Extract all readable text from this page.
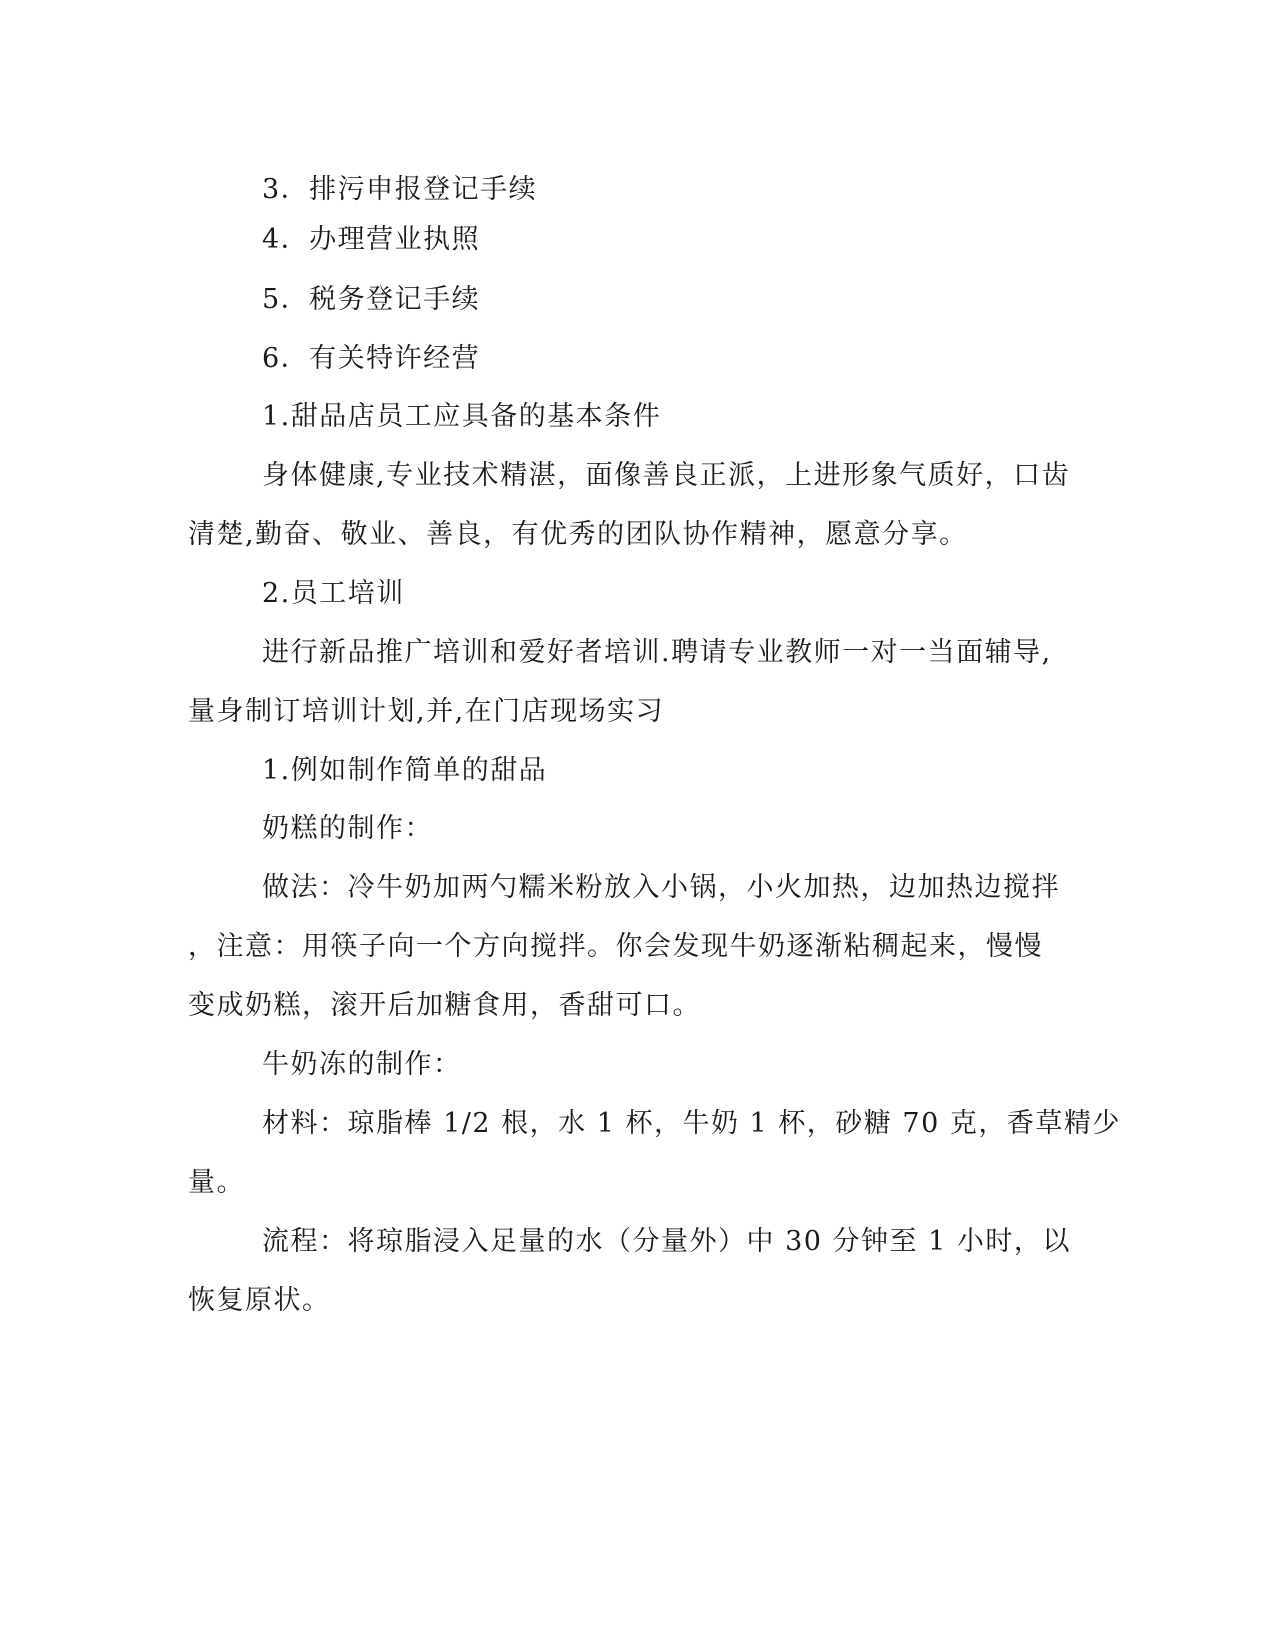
3．排污申报登记手续
4．办理营业执照
5．税务登记手续
6．有关特许经营
1.甜品店员工应具备的基本条件
身体健康,专业技术精湛，面像善良正派，上进形象气质好，口齿
清楚,勤奋、敬业、善良，有优秀的团队协作精神，愿意分享。
2.员工培训
进行新品推广培训和爱好者培训.聘请专业教师一对一当面辅导,
量身制订培训计划,并,在门店现场实习
1.例如制作简单的甜品
奶糕的制作：
做法：冷牛奶加两勺糯米粉放入小锅，小火加热，边加热边搅拌
，注意：用筷子向一个方向搅拌。你会发现牛奶逐渐粘稠起来，慢慢
变成奶糕，滚开后加糖食用，香甜可口。
牛奶冻的制作：
材料：琼脂棒 1/2 根，水 1 杯，牛奶 1 杯，砂糖 70 克，香草精少
量。
流程：将琼脂浸入足量的水（分量外）中 30 分钟至 1 小时，以
恢复原状。
